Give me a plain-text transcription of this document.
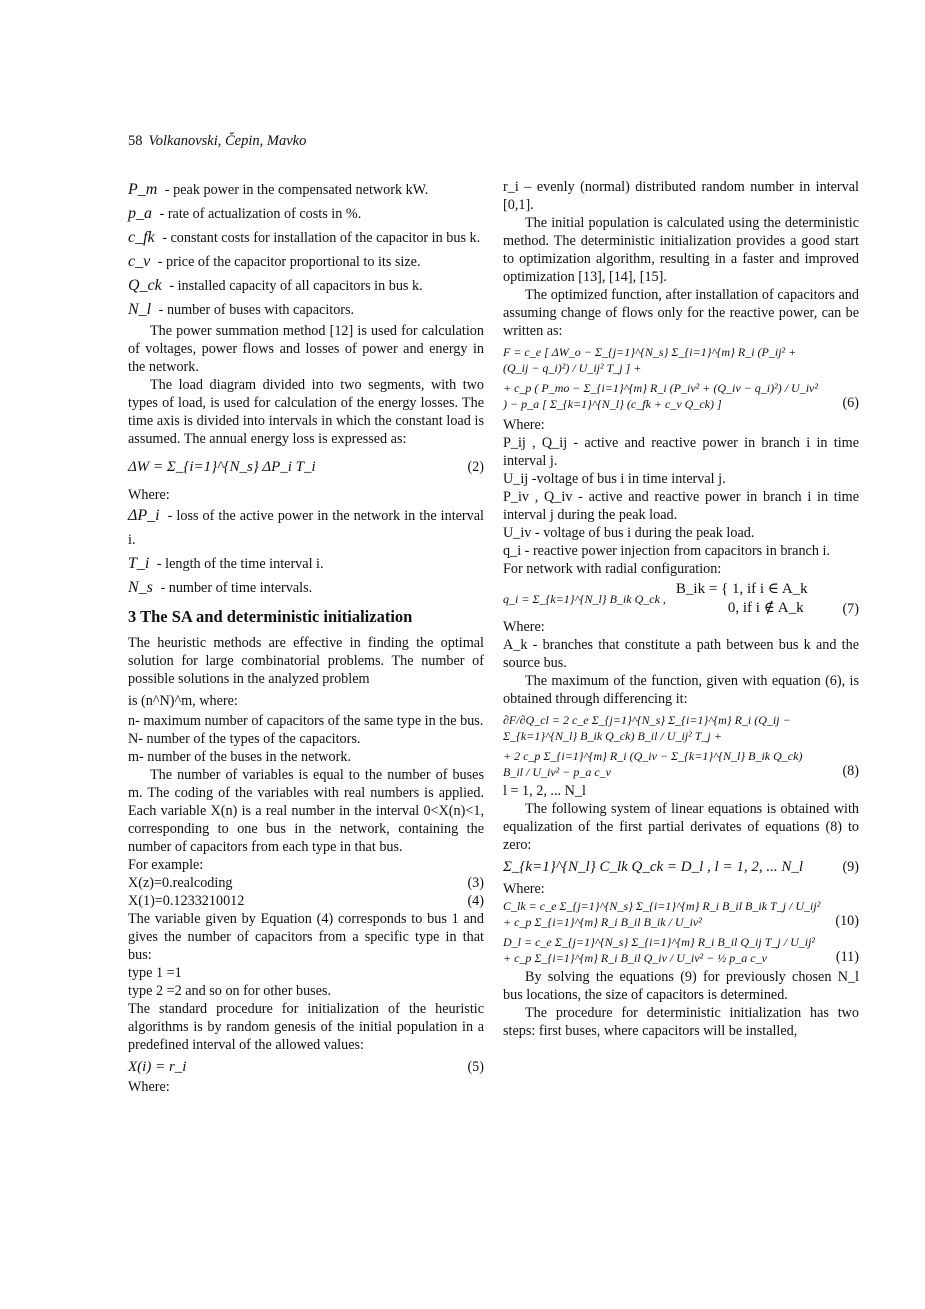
58 Volkanovski, Čepin, Mavko
P_m - peak power in the compensated network kW.
p_a - rate of actualization of costs in %.
c_fk - constant costs for installation of the capacitor in bus k.
c_v - price of the capacitor proportional to its size.
Q_ck - installed capacity of all capacitors in bus k.
N_l - number of buses with capacitors.
The power summation method [12] is used for calculation of voltages, power flows and losses of power and energy in the network.
The load diagram divided into two segments, with two types of load, is used for calculation of the energy losses. The time axis is divided into intervals in which the constant load is assumed. The annual energy loss is expressed as:
ΔW = Σ_{i=1}^{N_s} ΔP_i T_i	(2)
Where:
ΔP_i - loss of the active power in the network in the interval i.
T_i - length of the time interval i.
N_s - number of time intervals.
3 The SA and deterministic initialization
The heuristic methods are effective in finding the optimal solution for large combinatorial problems. The number of possible solutions in the analyzed problem
is (n^N)^m, where:
n- maximum number of capacitors of the same type in the bus.
N- number of the types of the capacitors.
m- number of the buses in the network.
The number of variables is equal to the number of buses m. The coding of the variables with real numbers is applied. Each variable X(n) is a real number in the interval 0<X(n)<1, corresponding to one bus in the network, containing the number of capacitors from each type in that bus.
For example:
X(z)=0.realcoding	(3)
X(1)=0.1233210012	(4)
The variable given by Equation (4) corresponds to bus 1 and gives the number of capacitors from a specific type in that bus:
type 1 =1
type 2 =2 and so on for other buses.
The standard procedure for initialization of the heuristic algorithms is by random genesis of the initial population in a predefined interval of the allowed values:
X(i) = r_i	(5)
Where:
r_i – evenly (normal) distributed random number in interval [0,1].
The initial population is calculated using the deterministic method. The deterministic initialization provides a good start to optimization algorithm, resulting in a faster and improved optimization [13], [14], [15].
The optimized function, after installation of capacitors and assuming change of flows only for the reactive power, can be written as:
F = c_e [ ΔW_o − Σ_{j=1}^{N_s} Σ_{i=1}^{m} R_i (P_ij² + (Q_ij − q_i)²) / U_ij² T_j ] +
+ c_p ( P_mo − Σ_{i=1}^{m} R_i (P_iv² + (Q_iv − q_i)²) / U_iv² ) − p_a [ Σ_{k=1}^{N_l} (c_fk + c_v Q_ck) ]	(6)
Where:
P_ij , Q_ij - active and reactive power in branch i in time interval j.
U_ij -voltage of bus i in time interval j.
P_iv , Q_iv - active and reactive power in branch i in time interval j during the peak load.
U_iv - voltage of bus i during the peak load.
q_i - reactive power injection from capacitors in branch i.
For network with radial configuration:
q_i = Σ_{k=1}^{N_l} B_ik Q_ck ,
B_ik = { 1, if i ∈ A_k
0, if i ∉ A_k	(7)
Where:
A_k - branches that constitute a path between bus k and the source bus.
The maximum of the function, given with equation (6), is obtained through differencing it:
∂F/∂Q_cl = 2 c_e Σ_{j=1}^{N_s} Σ_{i=1}^{m} R_i (Q_ij − Σ_{k=1}^{N_l} B_ik Q_ck) B_il / U_ij² T_j +
+ 2 c_p Σ_{i=1}^{m} R_i (Q_iv − Σ_{k=1}^{N_l} B_ik Q_ck) B_il / U_iv² − p_a c_v	(8)
l = 1, 2, ... N_l
The following system of linear equations is obtained with equalization of the first partial derivates of equations (8) to zero:
Σ_{k=1}^{N_l} C_lk Q_ck = D_l , l = 1, 2, ... N_l	(9)
Where:
C_lk = c_e Σ_{j=1}^{N_s} Σ_{i=1}^{m} R_i B_il B_ik T_j / U_ij² + c_p Σ_{i=1}^{m} R_i B_il B_ik / U_iv²	(10)
D_l = c_e Σ_{j=1}^{N_s} Σ_{i=1}^{m} R_i B_il Q_ij T_j / U_ij² + c_p Σ_{i=1}^{m} R_i B_il Q_iv / U_iv² − ½ p_a c_v	(11)
By solving the equations (9) for previously chosen N_l bus locations, the size of capacitors is determined.
The procedure for deterministic initialization has two steps: first buses, where capacitors will be installed,
